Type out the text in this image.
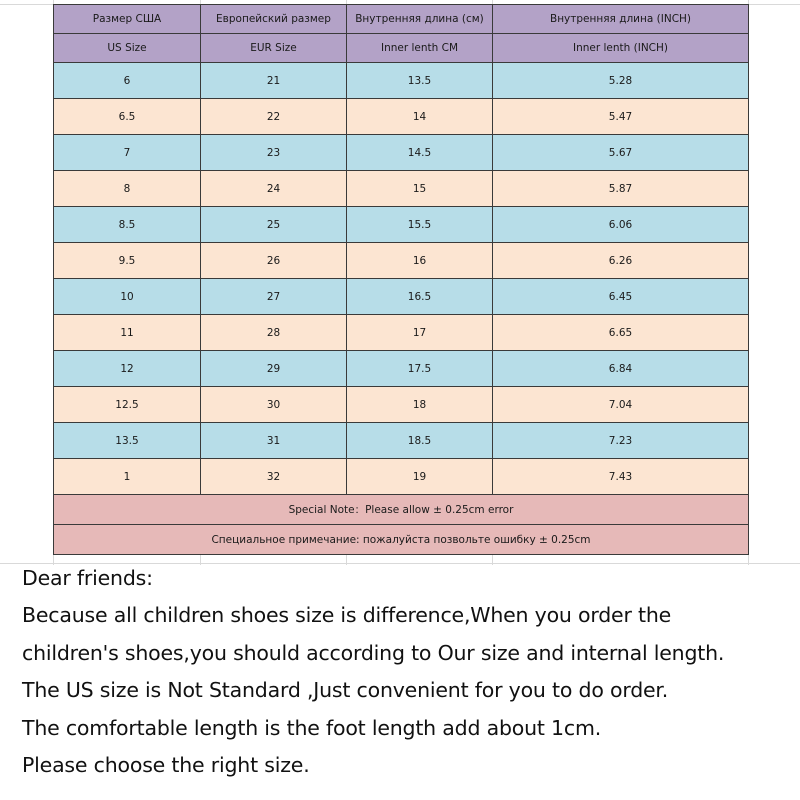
Размер США	Европейский размер	Внутренняя длина (см)	Внутренняя длина (INCH)
US Size	EUR Size	Inner lenth CM	Inner lenth (INCH)
6	21	13.5	5.28
6.5	22	14	5.47
7	23	14.5	5.67
8	24	15	5.87
8.5	25	15.5	6.06
9.5	26	16	6.26
10	27	16.5	6.45
11	28	17	6.65
12	29	17.5	6.84
12.5	30	18	7.04
13.5	31	18.5	7.23
1	32	19	7.43
Special Note：Please allow ± 0.25cm error			
Специальное примечание: пожалуйста позвольте ошибку ± 0.25cm			

Dear friends:

Because all children shoes size is difference,When you order the

children's shoes,you should according to Our size and internal length.

The US size is Not Standard ,Just convenient for you to do order.

The comfortable length is the foot length add about 1cm.

Please choose the right size.
